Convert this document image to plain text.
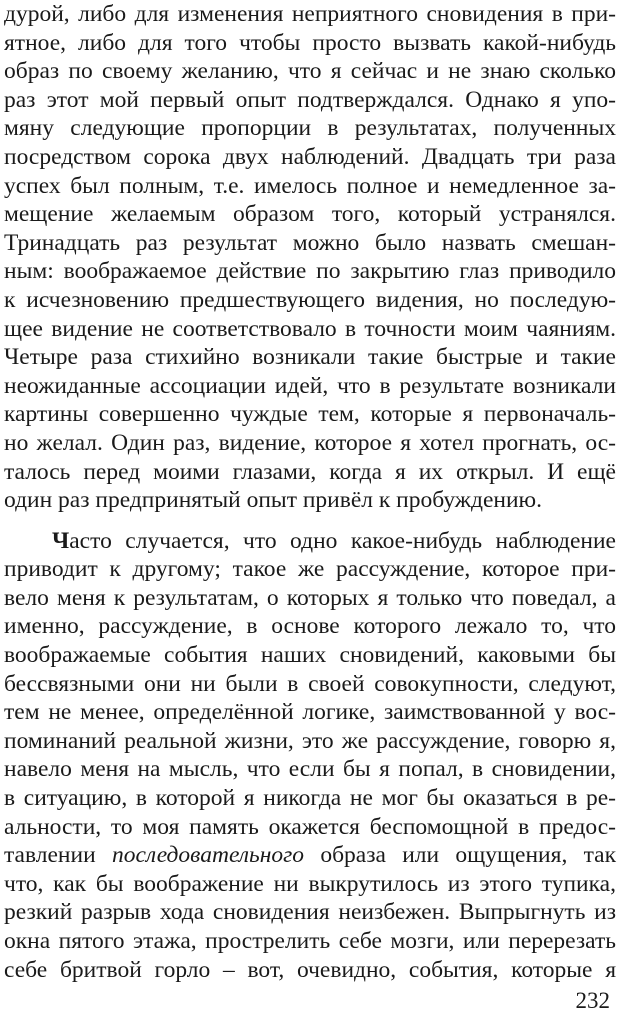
дурой, либо для изменения неприятного сновидения в при-
ятное, либо для того чтобы просто вызвать какой-нибудь
образ по своему желанию, что я сейчас и не знаю сколько
раз этот мой первый опыт подтверждался. Однако я упо-
мяну следующие пропорции в результатах, полученных
посредством сорока двух наблюдений. Двадцать три раза
успех был полным, т.е. имелось полное и немедленное за-
мещение желаемым образом того, который устранялся.
Тринадцать раз результат можно было назвать смешан-
ным: воображаемое действие по закрытию глаз приводило
к исчезновению предшествующего видения, но последую-
щее видение не соответствовало в точности моим чаяниям.
Четыре раза стихийно возникали такие быстрые и такие
неожиданные ассоциации идей, что в результате возникали
картины совершенно чуждые тем, которые я первоначаль-
но желал. Один раз, видение, которое я хотел прогнать, ос-
талось перед моими глазами, когда я их открыл. И ещё
один раз предпринятый опыт привёл к пробуждению.
Часто случается, что одно какое-нибудь наблюдение
приводит к другому; такое же рассуждение, которое при-
вело меня к результатам, о которых я только что поведал, а
именно, рассуждение, в основе которого лежало то, что
воображаемые события наших сновидений, каковыми бы
бессвязными они ни были в своей совокупности, следуют,
тем не менее, определённой логике, заимствованной у вос-
поминаний реальной жизни, это же рассуждение, говорю я,
навело меня на мысль, что если бы я попал, в сновидении,
в ситуацию, в которой я никогда не мог бы оказаться в ре-
альности, то моя память окажется беспомощной в предос-
тавлении последовательного образа или ощущения, так
что, как бы воображение ни выкрутилось из этого тупика,
резкий разрыв хода сновидения неизбежен. Выпрыгнуть из
окна пятого этажа, прострелить себе мозги, или перерезать
себе бритвой горло – вот, очевидно, события, которые я
232
